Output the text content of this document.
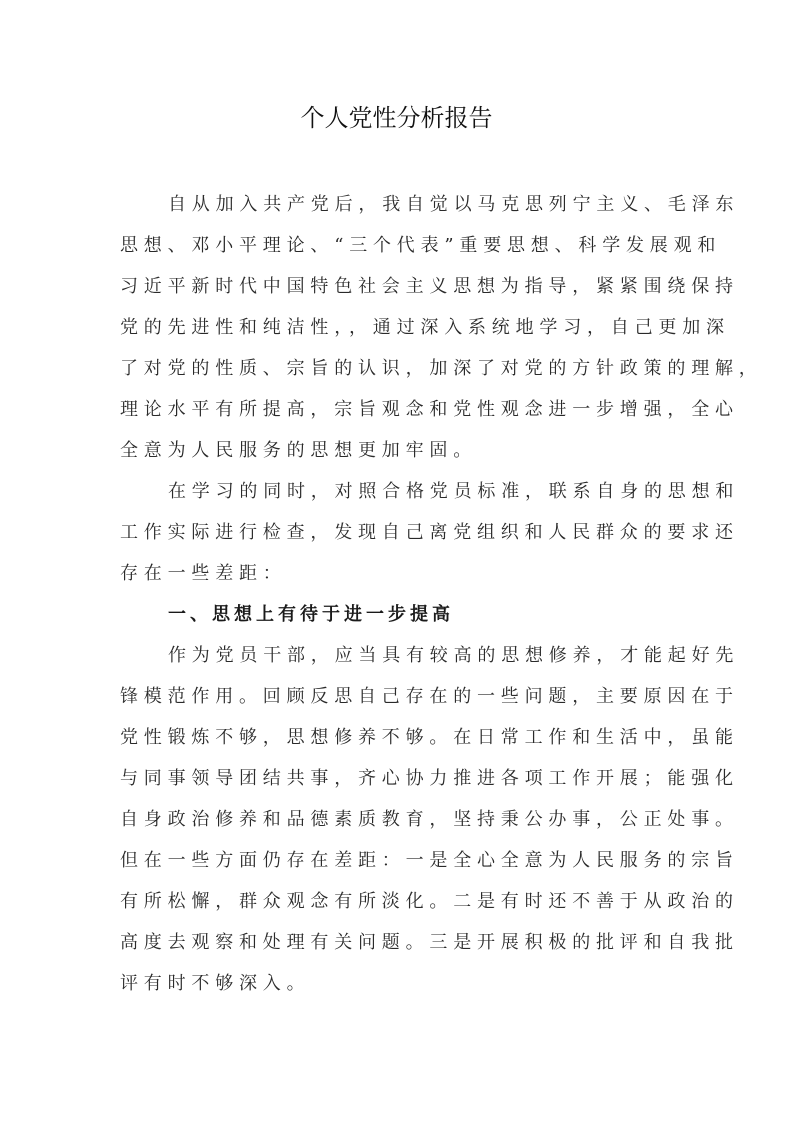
个人党性分析报告
自从加入共产党后，我自觉以马克思列宁主义、毛泽东
思想、邓小平理论、“三个代表”重要思想、科学发展观和
习近平新时代中国特色社会主义思想为指导，紧紧围绕保持
党的先进性和纯洁性，，通过深入系统地学习，自己更加深
了对党的性质、宗旨的认识，加深了对党的方针政策的理解，
理论水平有所提高，宗旨观念和党性观念进一步增强，全心
全意为人民服务的思想更加牢固。
在学习的同时，对照合格党员标准，联系自身的思想和
工作实际进行检查，发现自己离党组织和人民群众的要求还
存在一些差距：
一、思想上有待于进一步提高
作为党员干部，应当具有较高的思想修养，才能起好先
锋模范作用。回顾反思自己存在的一些问题，主要原因在于
党性锻炼不够，思想修养不够。在日常工作和生活中，虽能
与同事领导团结共事，齐心协力推进各项工作开展；能强化
自身政治修养和品德素质教育，坚持秉公办事，公正处事。
但在一些方面仍存在差距：一是全心全意为人民服务的宗旨
有所松懈，群众观念有所淡化。二是有时还不善于从政治的
高度去观察和处理有关问题。三是开展积极的批评和自我批
评有时不够深入。
